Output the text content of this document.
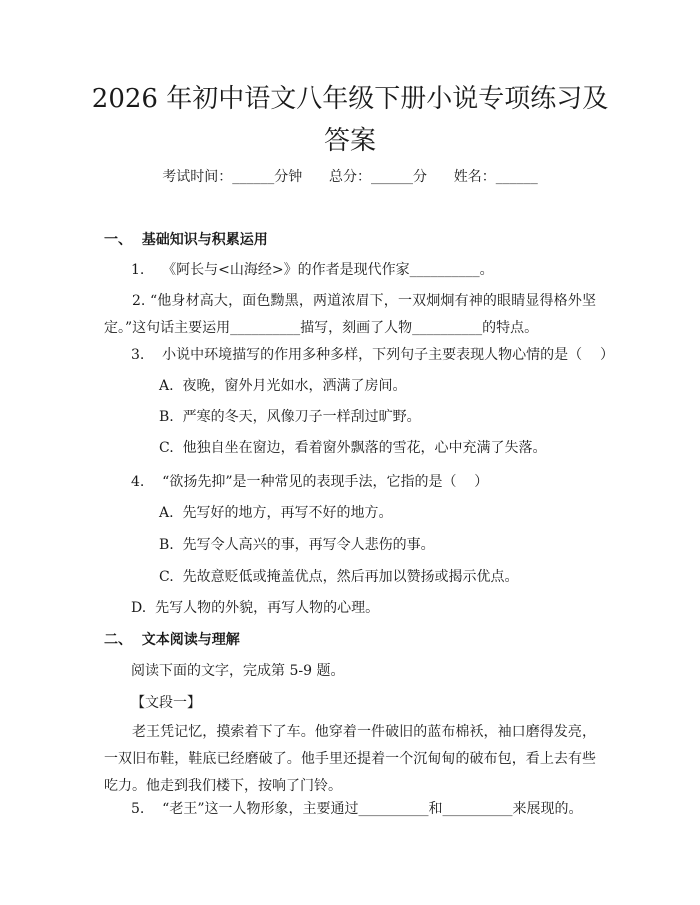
2026 年初中语文八年级下册小说专项练习及
答案
考试时间：______分钟      总分：______分      姓名：______
一、  基础知识与积累运用
1.    《阿长与<山海经>》的作者是现代作家__________。
2. “他身材高大，面色黝黑，两道浓眉下，一双炯炯有神的眼睛显得格外坚定。”这句话主要运用__________描写，刻画了人物__________的特点。
3.    小说中环境描写的作用多种多样，下列句子主要表现人物心情的是（    ）
A.  夜晚，窗外月光如水，洒满了房间。
B.  严寒的冬天，风像刀子一样刮过旷野。
C.  他独自坐在窗边，看着窗外飘落的雪花，心中充满了失落。
4.    “欲扬先抑”是一种常见的表现手法，它指的是（    ）
A.  先写好的地方，再写不好的地方。
B.  先写令人高兴的事，再写令人悲伤的事。
C.  先故意贬低或掩盖优点，然后再加以赞扬或揭示优点。
D.  先写人物的外貌，再写人物的心理。
二、  文本阅读与理解
阅读下面的文字，完成第 5-9 题。
【文段一】
老王凭记忆，摸索着下了车。他穿着一件破旧的蓝布棉袄，袖口磨得发亮，一双旧布鞋，鞋底已经磨破了。他手里还提着一个沉甸甸的破布包，看上去有些吃力。他走到我们楼下，按响了门铃。
5.    “老王”这一人物形象，主要通过__________和__________来展现的。
